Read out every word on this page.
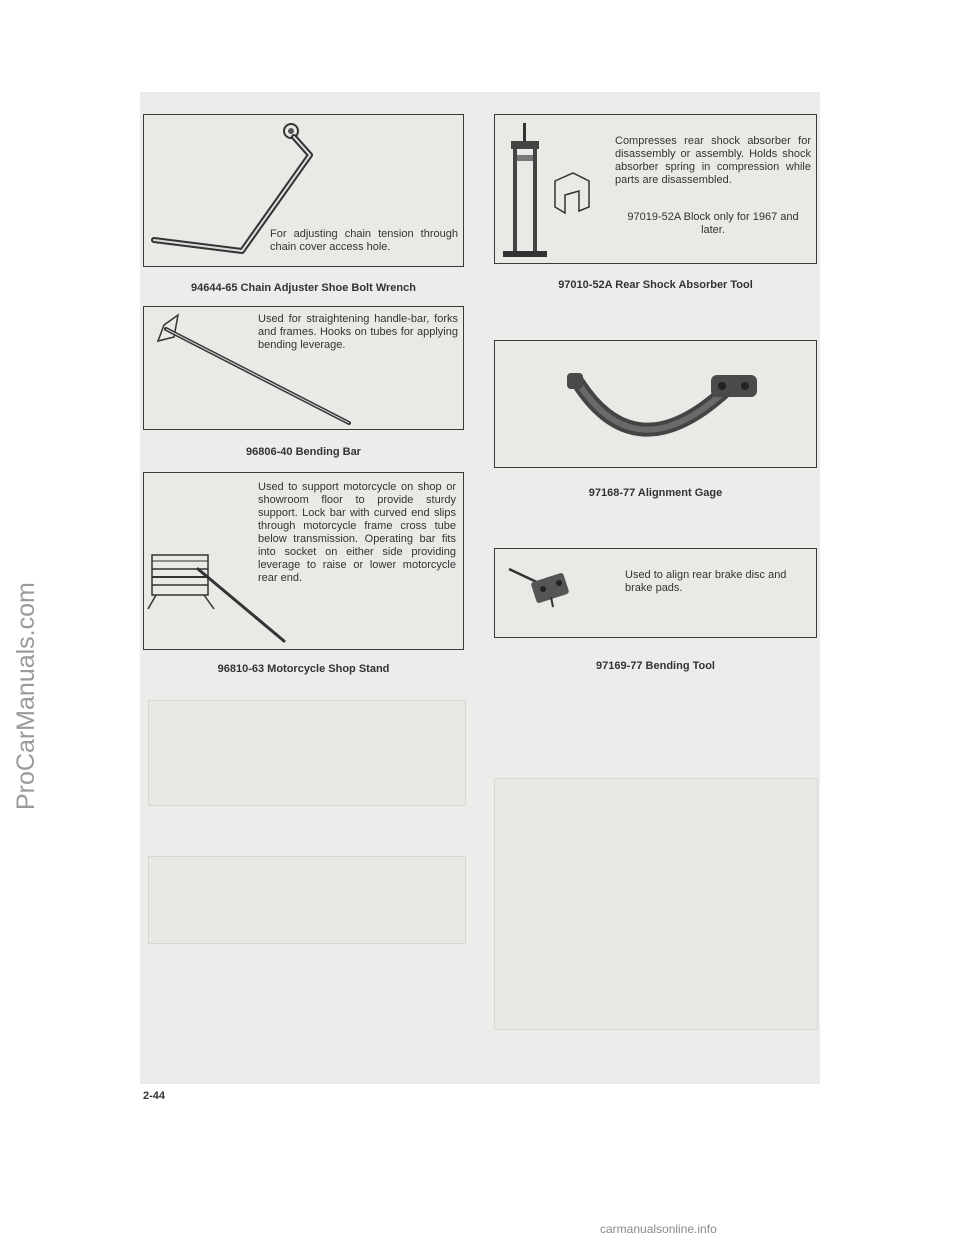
For adjusting chain tension through chain cover access hole.
94644-65 Chain Adjuster Shoe Bolt Wrench
Compresses rear shock absorber for disassembly or assembly. Holds shock absorber spring in compression while parts are disassembled.
97019-52A Block only for 1967 and later.
97010-52A Rear Shock Absorber Tool
Used for straightening handle-bar, forks and frames. Hooks on tubes for applying bending leverage.
96806-40 Bending Bar
97168-77 Alignment Gage
Used to support motorcycle on shop or showroom floor to provide sturdy support. Lock bar with curved end slips through motorcycle frame cross tube below transmission. Operating bar fits into socket on either side providing leverage to raise or lower motorcycle rear end.
96810-63 Motorcycle Shop Stand
Used to align rear brake disc and brake pads.
97169-77 Bending Tool
2-44
ProCarManuals.com
carmanualsonline.info
